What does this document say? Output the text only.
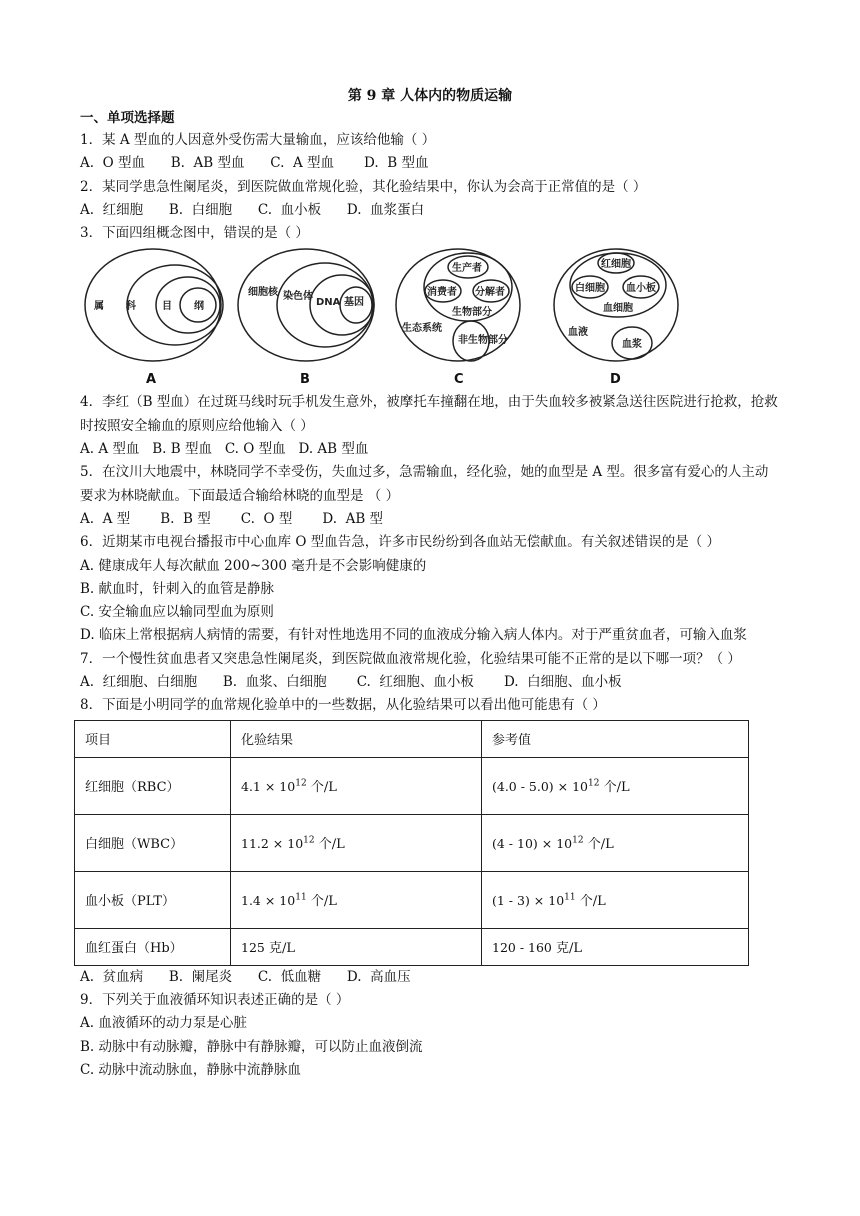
第 9 章 人体内的物质运输
一、单项选择题
1．某 A 型血的人因意外受伤需大量输血，应该给他输（ ）
A.  O 型血      B.  AB 型血      C.  A 型血       D.  B 型血
2．某同学患急性阑尾炎，到医院做血常规化验，其化验结果中，你认为会高于正常值的是（ ）
A.  红细胞      B.  白细胞      C.  血小板      D.  血浆蛋白
3．下面四组概念图中，错误的是（ ）
属 科	目 纲
A
细胞核 染色体
DNA 基因
B
生产者
消费者 分解者
生物部分
生态系统
非生物部分
C
红细胞
白细胞 血小板
血细胞
血液
血浆
D
4．李红（B 型血）在过斑马线时玩手机发生意外，被摩托车撞翻在地，由于失血较多被紧急送往医院进行抢救，抢救时按照安全输血的原则应给他输入（ ）
A. A 型血   B. B 型血   C. O 型血   D. AB 型血
5．在汶川大地震中，林晓同学不幸受伤，失血过多，急需输血，经化验，她的血型是 A 型。很多富有爱心的人主动要求为林晓献血。下面最适合输给林晓的血型是 （ ）
A.  A 型       B.  B 型       C.  O 型       D.  AB 型
6．近期某市电视台播报市中心血库 O 型血告急，许多市民纷纷到各血站无偿献血。有关叙述错误的是（ ）
A. 健康成年人每次献血 200~300 毫升是不会影响健康的
B. 献血时，针刺入的血管是静脉
C. 安全输血应以输同型血为原则
D. 临床上常根据病人病情的需要，有针对性地选用不同的血液成分输入病人体内。对于严重贫血者，可输入血浆
7．一个慢性贫血患者又突患急性阑尾炎，到医院做血液常规化验，化验结果可能不正常的是以下哪一项？（ ）
A.  红细胞、白细胞      B.  血浆、白细胞       C.  红细胞、血小板       D.  白细胞、血小板
8．下面是小明同学的血常规化验单中的一些数据，从化验结果可以看出他可能患有（ ）
项目	化验结果	参考值
红细胞（RBC）	$4.1 \times 10^{12}$ 个/L	$(4.0 - 5.0) \times 10^{12}$ 个/L
白细胞（WBC）	$11.2 \times 10^{12}$ 个/L	$(4 - 10) \times 10^{12}$ 个/L
血小板（PLT）	$1.4 \times 10^{11}$ 个/L	$(1 - 3) \times 10^{11}$ 个/L
血红蛋白（Hb）	125 克/L	120 - 160 克/L
A.  贫血病      B.  阑尾炎      C.  低血糖      D.  高血压
9．下列关于血液循环知识表述正确的是（ ）
A. 血液循环的动力泵是心脏
B. 动脉中有动脉瓣，静脉中有静脉瓣，可以防止血液倒流
C. 动脉中流动脉血，静脉中流静脉血
